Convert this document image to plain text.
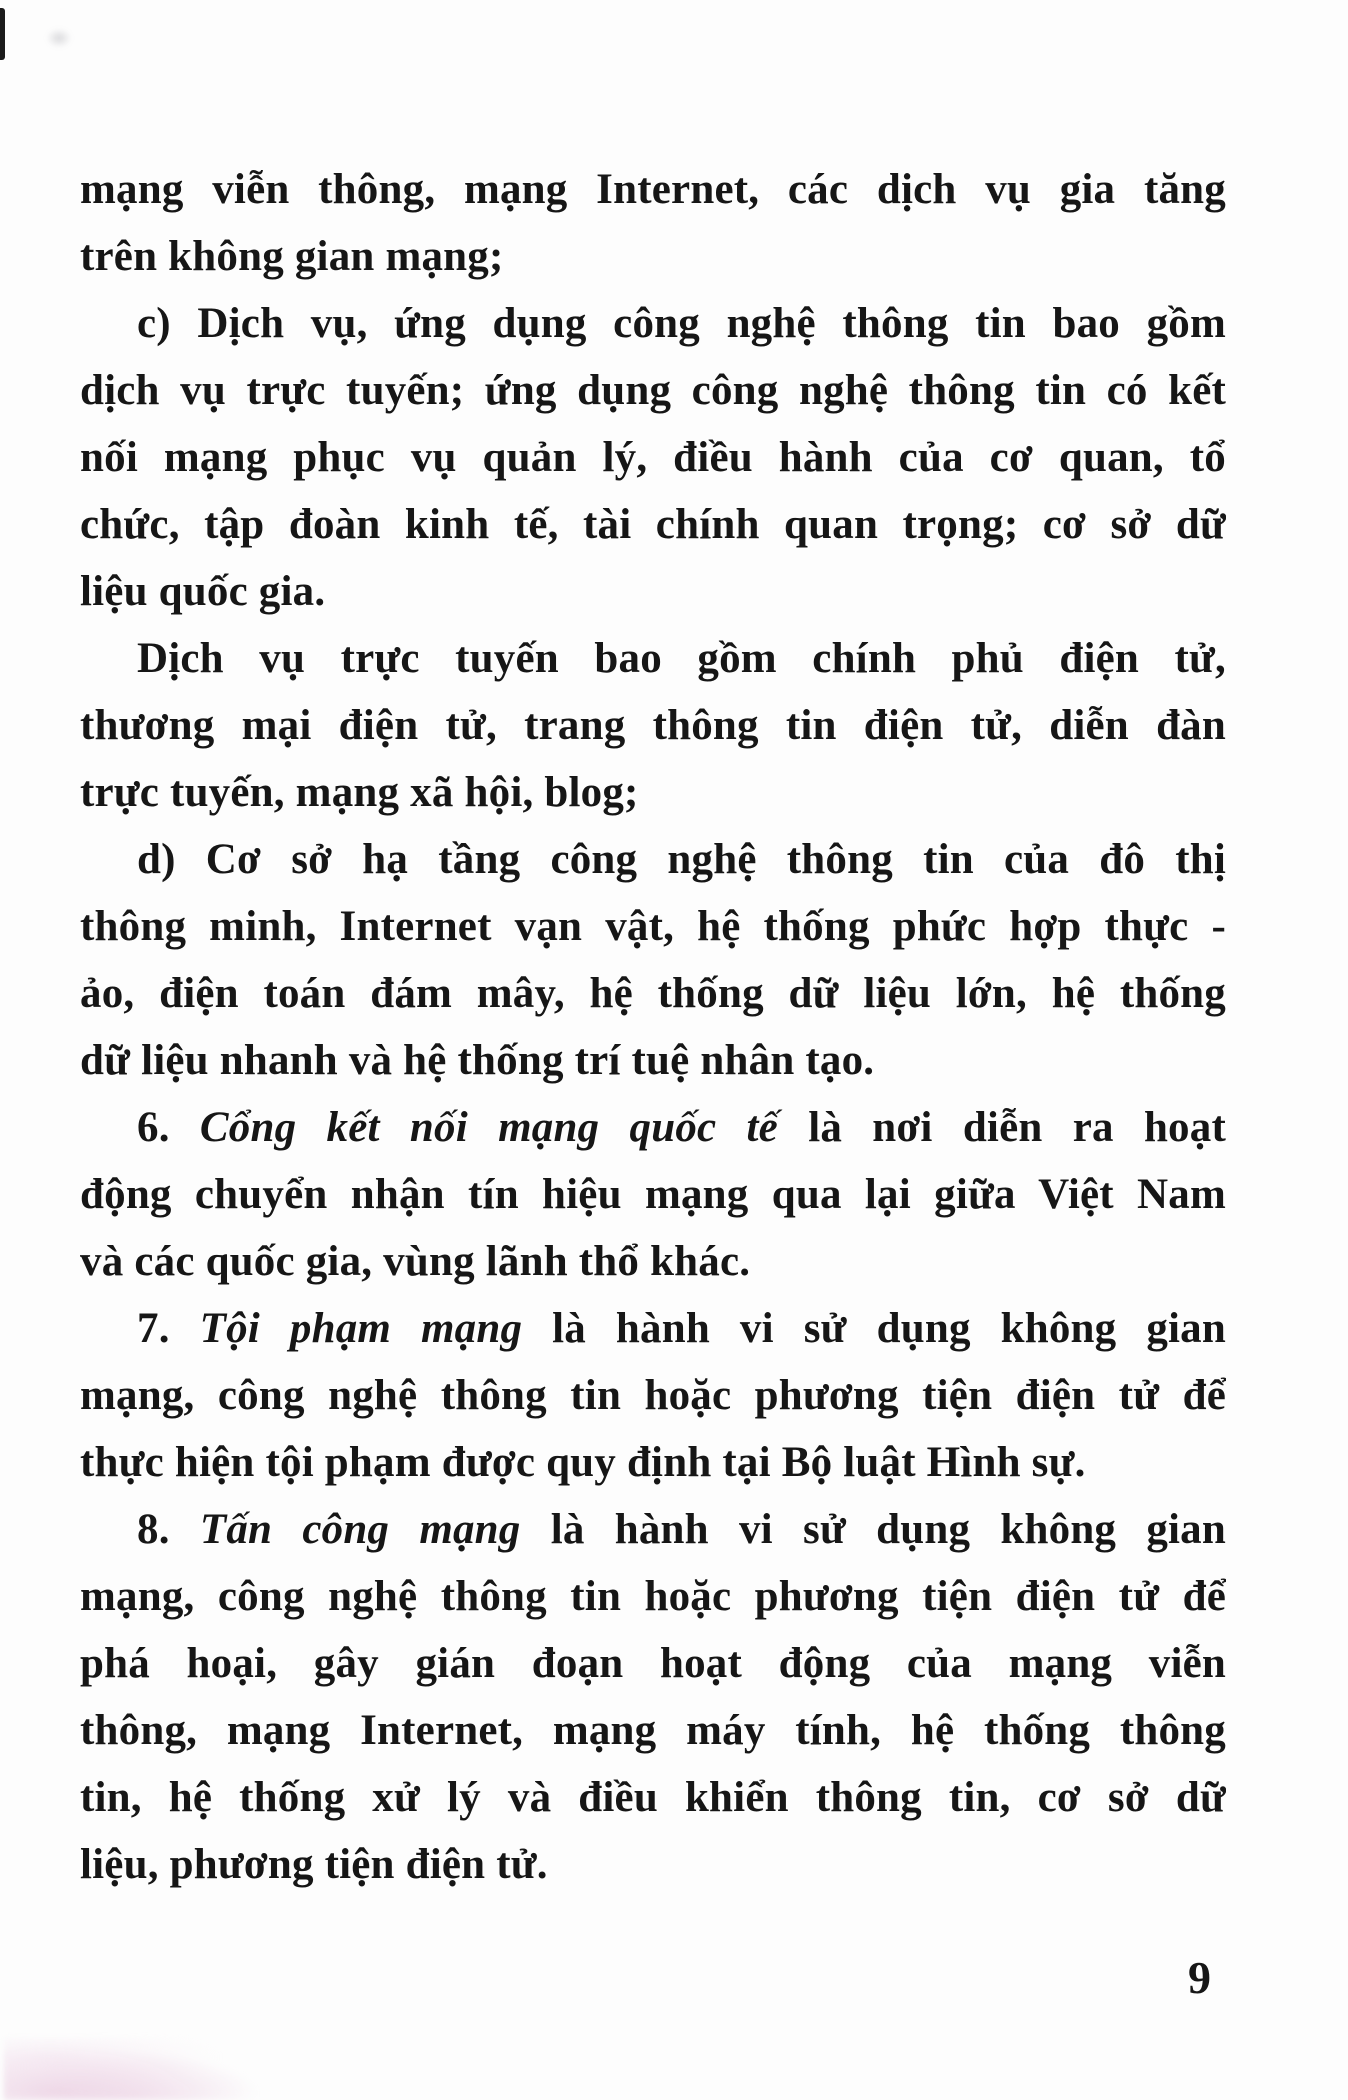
mạng viễn thông, mạng Internet, các dịch vụ gia tăng
trên không gian mạng;
c) Dịch vụ, ứng dụng công nghệ thông tin bao gồm
dịch vụ trực tuyến; ứng dụng công nghệ thông tin có kết
nối mạng phục vụ quản lý, điều hành của cơ quan, tổ
chức, tập đoàn kinh tế, tài chính quan trọng; cơ sở dữ
liệu quốc gia.
Dịch vụ trực tuyến bao gồm chính phủ điện tử,
thương mại điện tử, trang thông tin điện tử, diễn đàn
trực tuyến, mạng xã hội, blog;
d) Cơ sở hạ tầng công nghệ thông tin của đô thị
thông minh, Internet vạn vật, hệ thống phức hợp thực -
ảo, điện toán đám mây, hệ thống dữ liệu lớn, hệ thống
dữ liệu nhanh và hệ thống trí tuệ nhân tạo.
6. Cổng kết nối mạng quốc tế là nơi diễn ra hoạt
động chuyển nhận tín hiệu mạng qua lại giữa Việt Nam
và các quốc gia, vùng lãnh thổ khác.
7. Tội phạm mạng là hành vi sử dụng không gian
mạng, công nghệ thông tin hoặc phương tiện điện tử để
thực hiện tội phạm được quy định tại Bộ luật Hình sự.
8. Tấn công mạng là hành vi sử dụng không gian
mạng, công nghệ thông tin hoặc phương tiện điện tử để
phá hoại, gây gián đoạn hoạt động của mạng viễn
thông, mạng Internet, mạng máy tính, hệ thống thông
tin, hệ thống xử lý và điều khiển thông tin, cơ sở dữ
liệu, phương tiện điện tử.
9
